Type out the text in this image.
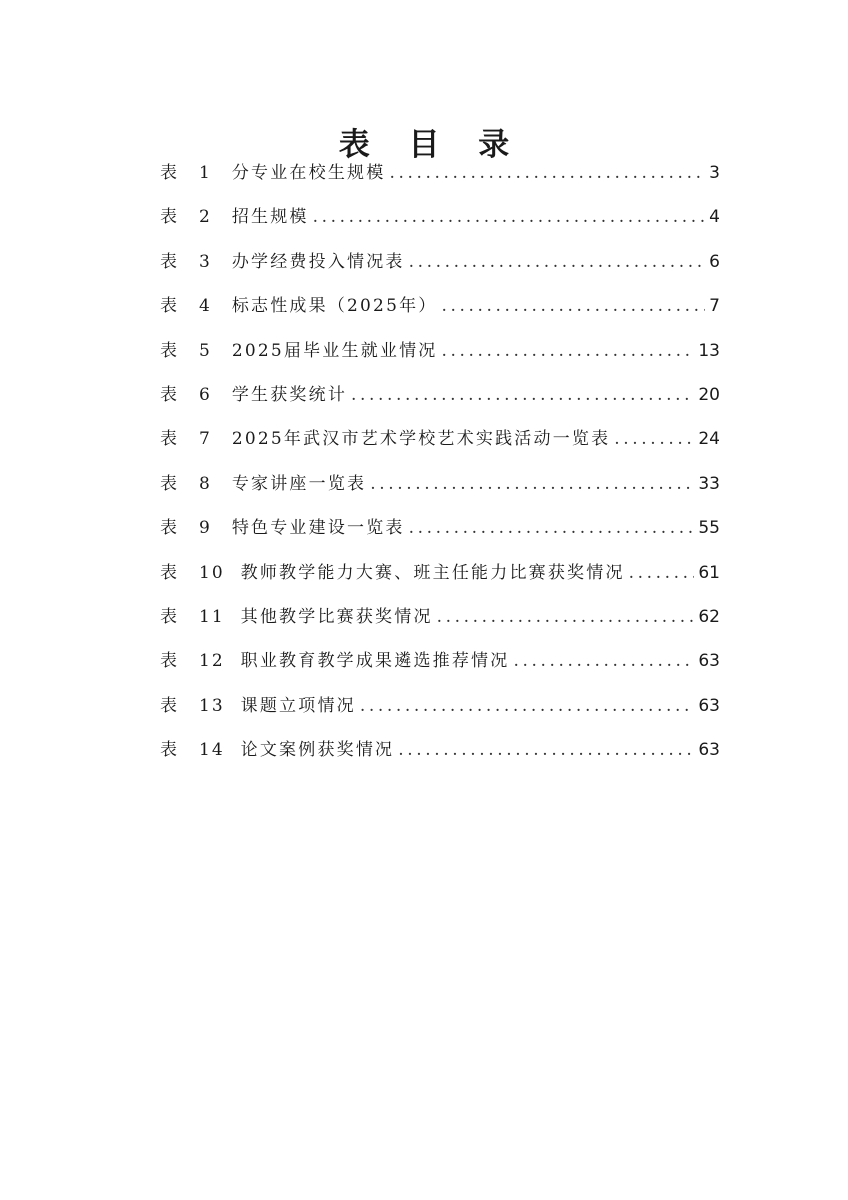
表 目 录
表 1 分专业在校生规模 .....	3
表 2 招生规模 .....	4
表 3 办学经费投入情况表 .....	6
表 4 标志性成果（2025年） .....	7
表 5 2025届毕业生就业情况 .....	13
表 6 学生获奖统计 .....	20
表 7 2025年武汉市艺术学校艺术实践活动一览表 .....	24
表 8 专家讲座一览表 .....	33
表 9 特色专业建设一览表 .....	55
表 10 教师教学能力大赛、班主任能力比赛获奖情况 .....	61
表 11 其他教学比赛获奖情况 .....	62
表 12 职业教育教学成果遴选推荐情况 .....	63
表 13 课题立项情况 .....	63
表 14 论文案例获奖情况 .....	63
